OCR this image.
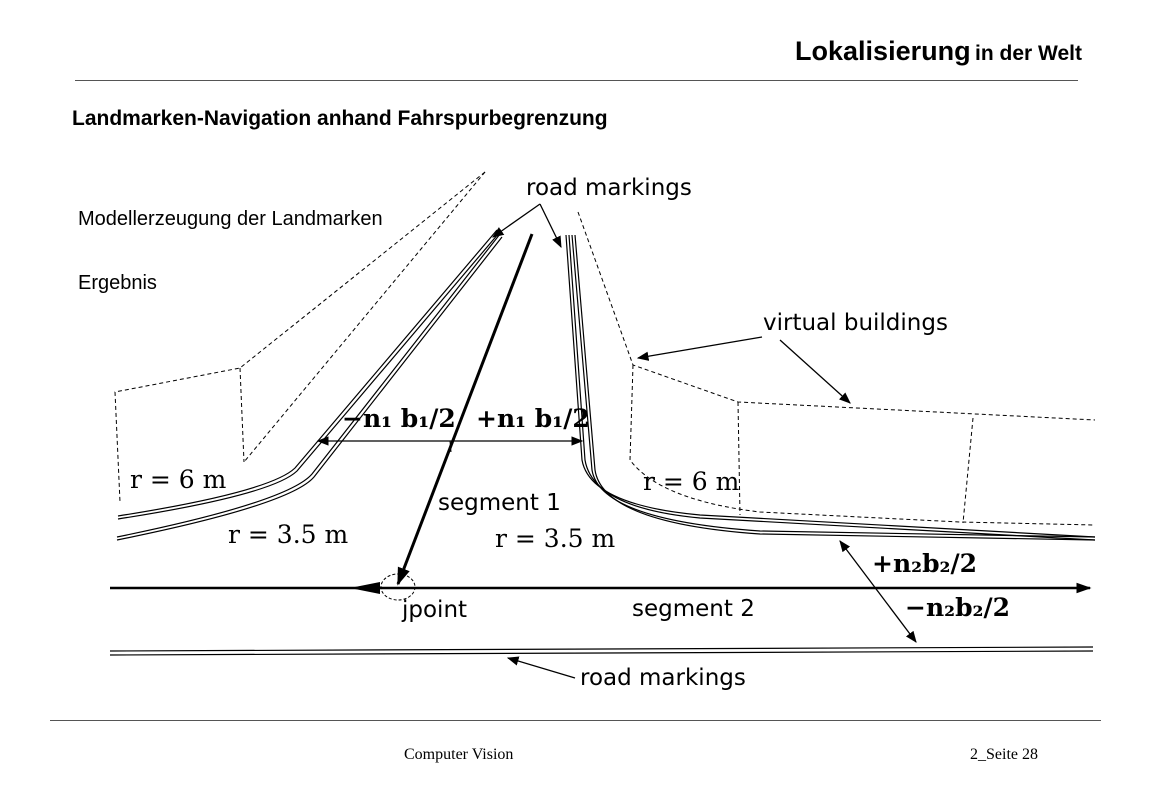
Lokalisierung in der Welt
Landmarken-Navigation anhand Fahrspurbegrenzung
road markings
virtual buildings
r = 6 m	r = 6 m
r = 3.5 m	r = 3.5 m
segment 1
segment 2
jpoint
−n₁ b₁/2 +n₁ b₁/2
+n₂b₂/2
−n₂b₂/2
road markings
Modellerzeugung der Landmarken
Ergebnis
Computer Vision	2_Seite 28
